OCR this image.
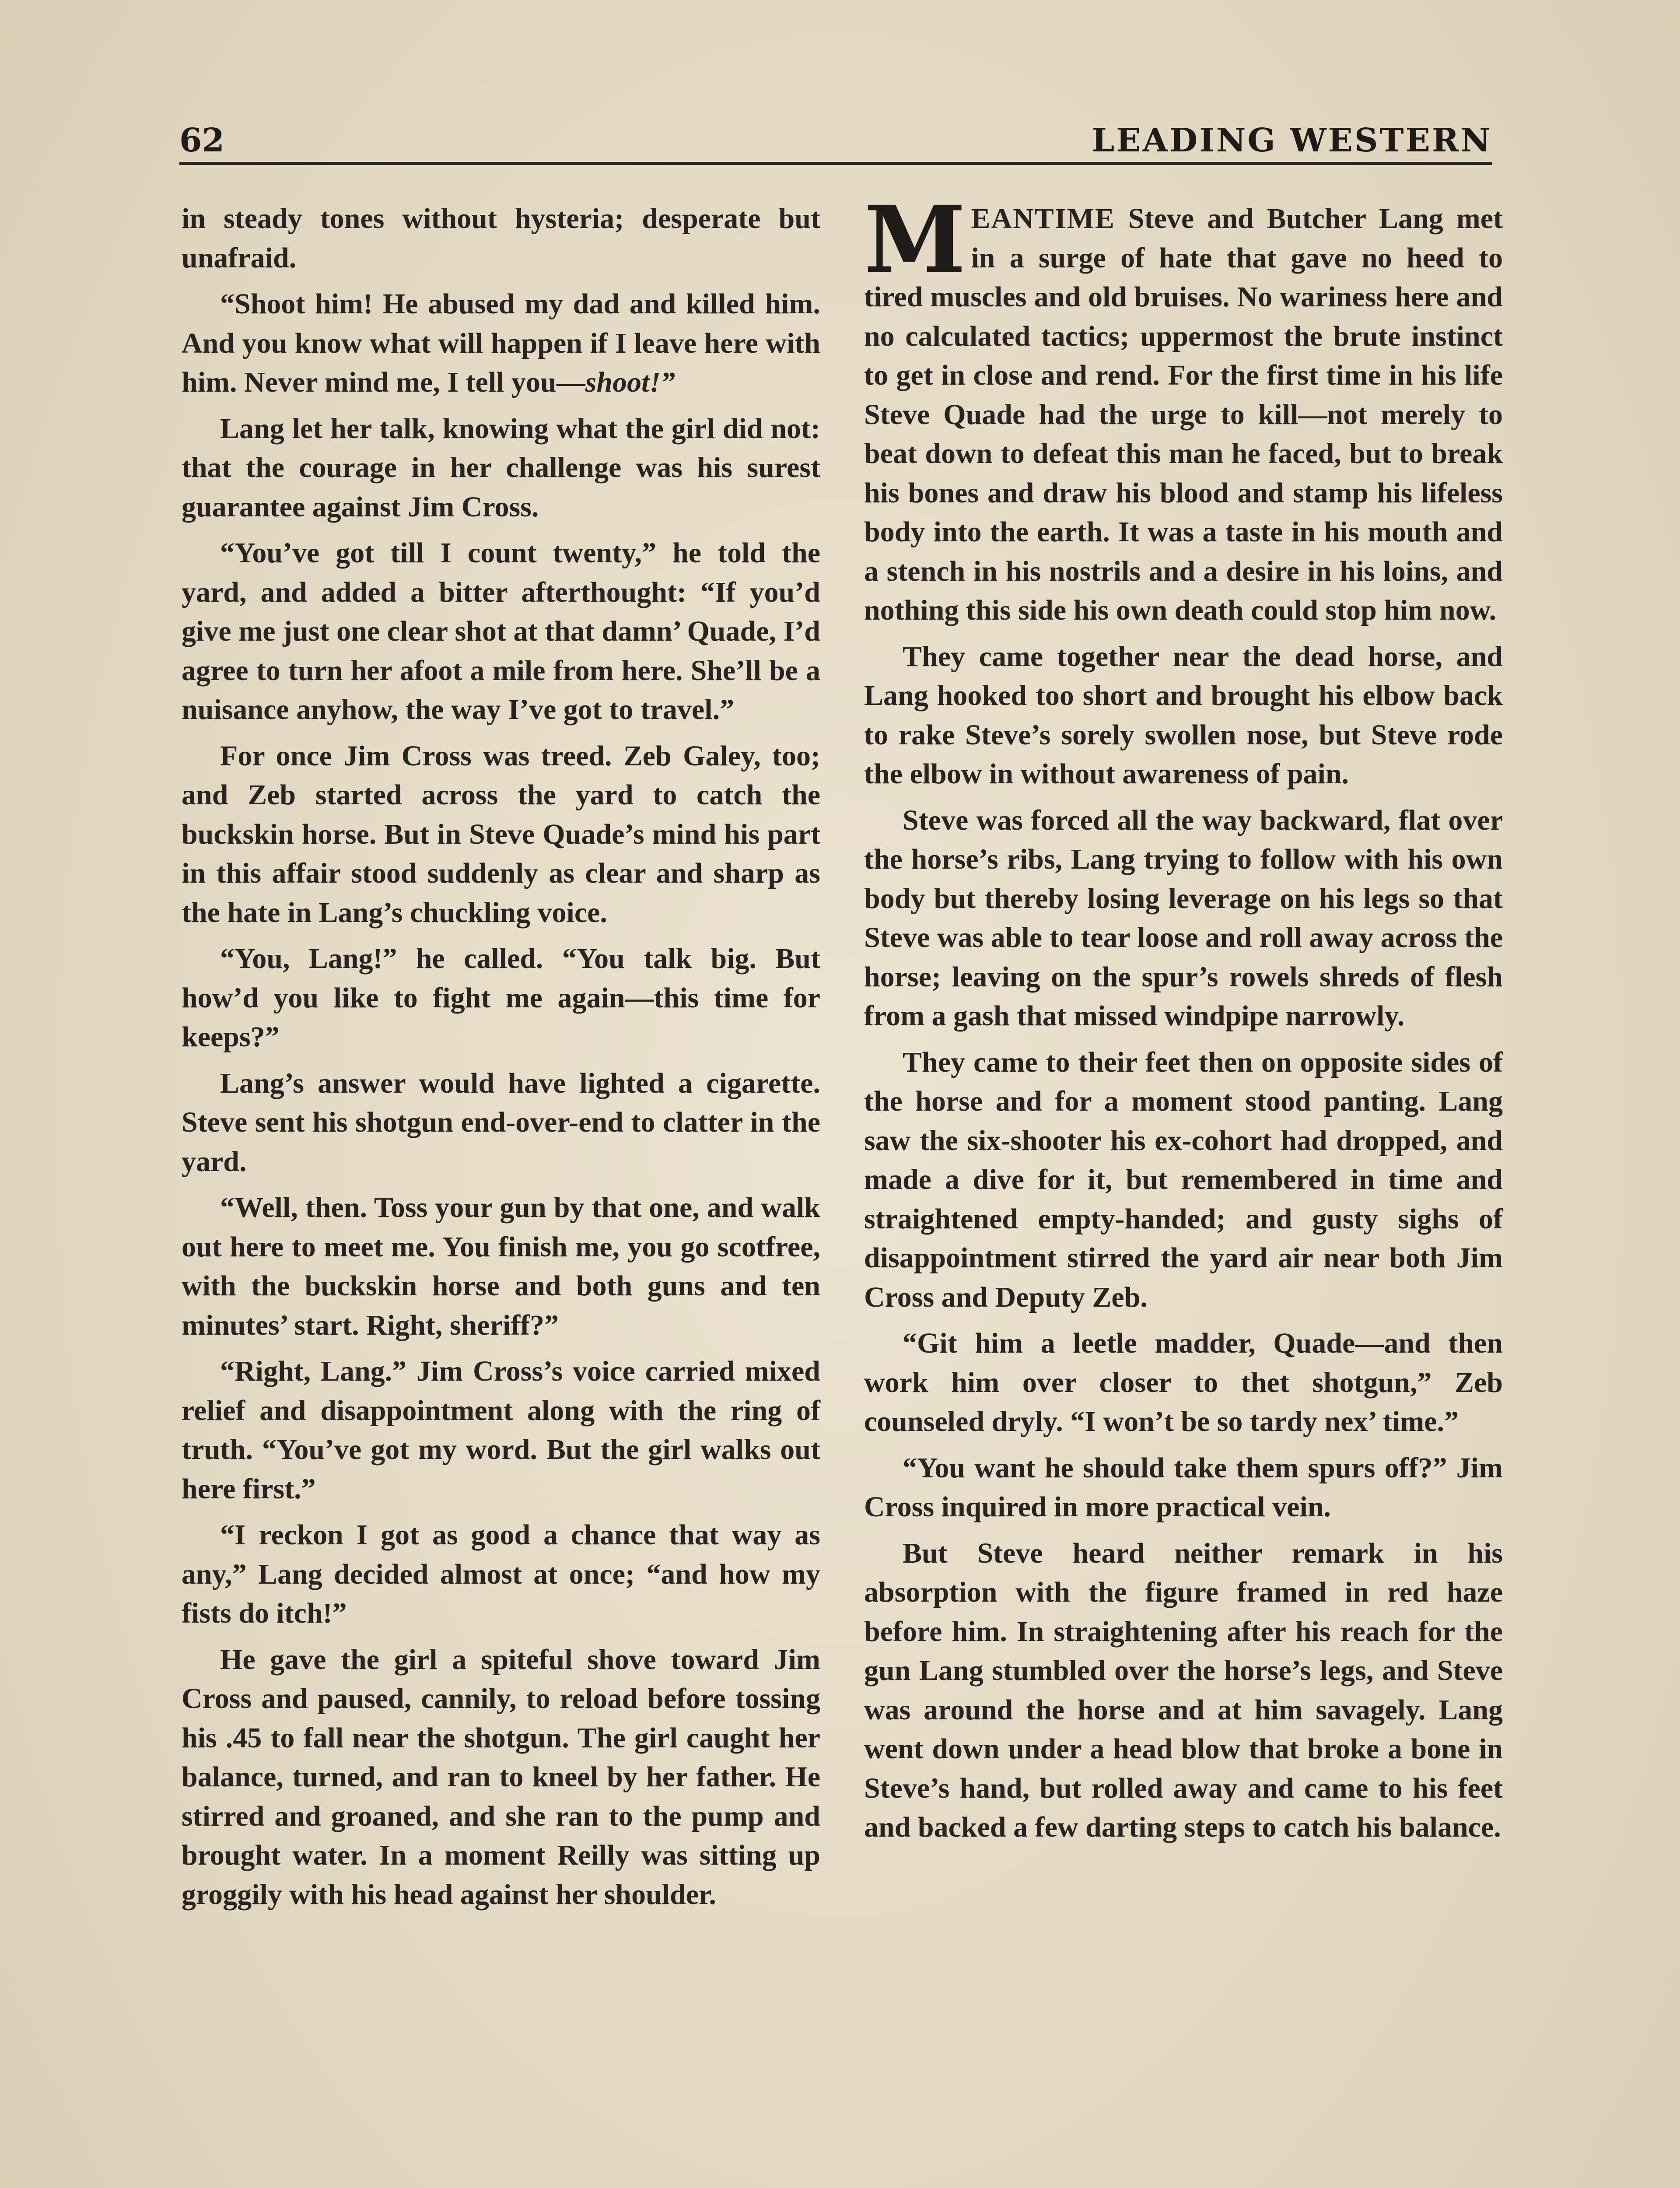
62	LEADING WESTERN

in steady tones without hysteria; desperate but unafraid.

“Shoot him! He abused my dad and killed him. And you know what will happen if I leave here with him. Never mind me, I tell you—shoot!”

Lang let her talk, knowing what the girl did not: that the courage in her challenge was his surest guarantee against Jim Cross.

“You’ve got till I count twenty,” he told the yard, and added a bitter afterthought: “If you’d give me just one clear shot at that damn’ Quade, I’d agree to turn her afoot a mile from here. She’ll be a nuisance anyhow, the way I’ve got to travel.”

For once Jim Cross was treed. Zeb Galey, too; and Zeb started across the yard to catch the buckskin horse. But in Steve Quade’s mind his part in this affair stood suddenly as clear and sharp as the hate in Lang’s chuckling voice.

“You, Lang!” he called. “You talk big. But how’d you like to fight me again—this time for keeps?”

Lang’s answer would have lighted a cigarette. Steve sent his shotgun end-over-end to clatter in the yard.

“Well, then. Toss your gun by that one, and walk out here to meet me. You finish me, you go scotfree, with the buckskin horse and both guns and ten minutes’ start. Right, sheriff?”

“Right, Lang.” Jim Cross’s voice carried mixed relief and disappointment along with the ring of truth. “You’ve got my word. But the girl walks out here first.”

“I reckon I got as good a chance that way as any,” Lang decided almost at once; “and how my fists do itch!”

He gave the girl a spiteful shove toward Jim Cross and paused, cannily, to reload before tossing his .45 to fall near the shotgun. The girl caught her balance, turned, and ran to kneel by her father. He stirred and groaned, and she ran to the pump and brought water. In a moment Reilly was sitting up groggily with his head against her shoulder.

MEANTIME Steve and Butcher Lang met in a surge of hate that gave no heed to tired muscles and old bruises. No wariness here and no calculated tactics; uppermost the brute instinct to get in close and rend. For the first time in his life Steve Quade had the urge to kill—not merely to beat down to defeat this man he faced, but to break his bones and draw his blood and stamp his lifeless body into the earth. It was a taste in his mouth and a stench in his nostrils and a desire in his loins, and nothing this side his own death could stop him now.

They came together near the dead horse, and Lang hooked too short and brought his elbow back to rake Steve’s sorely swollen nose, but Steve rode the elbow in without awareness of pain.

Steve was forced all the way backward, flat over the horse’s ribs, Lang trying to follow with his own body but thereby losing leverage on his legs so that Steve was able to tear loose and roll away across the horse; leaving on the spur’s rowels shreds of flesh from a gash that missed windpipe narrowly.

They came to their feet then on opposite sides of the horse and for a moment stood panting. Lang saw the six-shooter his ex-cohort had dropped, and made a dive for it, but remembered in time and straightened empty-handed; and gusty sighs of disappointment stirred the yard air near both Jim Cross and Deputy Zeb.

“Git him a leetle madder, Quade—and then work him over closer to thet shotgun,” Zeb counseled dryly. “I won’t be so tardy nex’ time.”

“You want he should take them spurs off?” Jim Cross inquired in more practical vein.

But Steve heard neither remark in his absorption with the figure framed in red haze before him. In straightening after his reach for the gun Lang stumbled over the horse’s legs, and Steve was around the horse and at him savagely. Lang went down under a head blow that broke a bone in Steve’s hand, but rolled away and came to his feet and backed a few darting steps to catch his balance.
